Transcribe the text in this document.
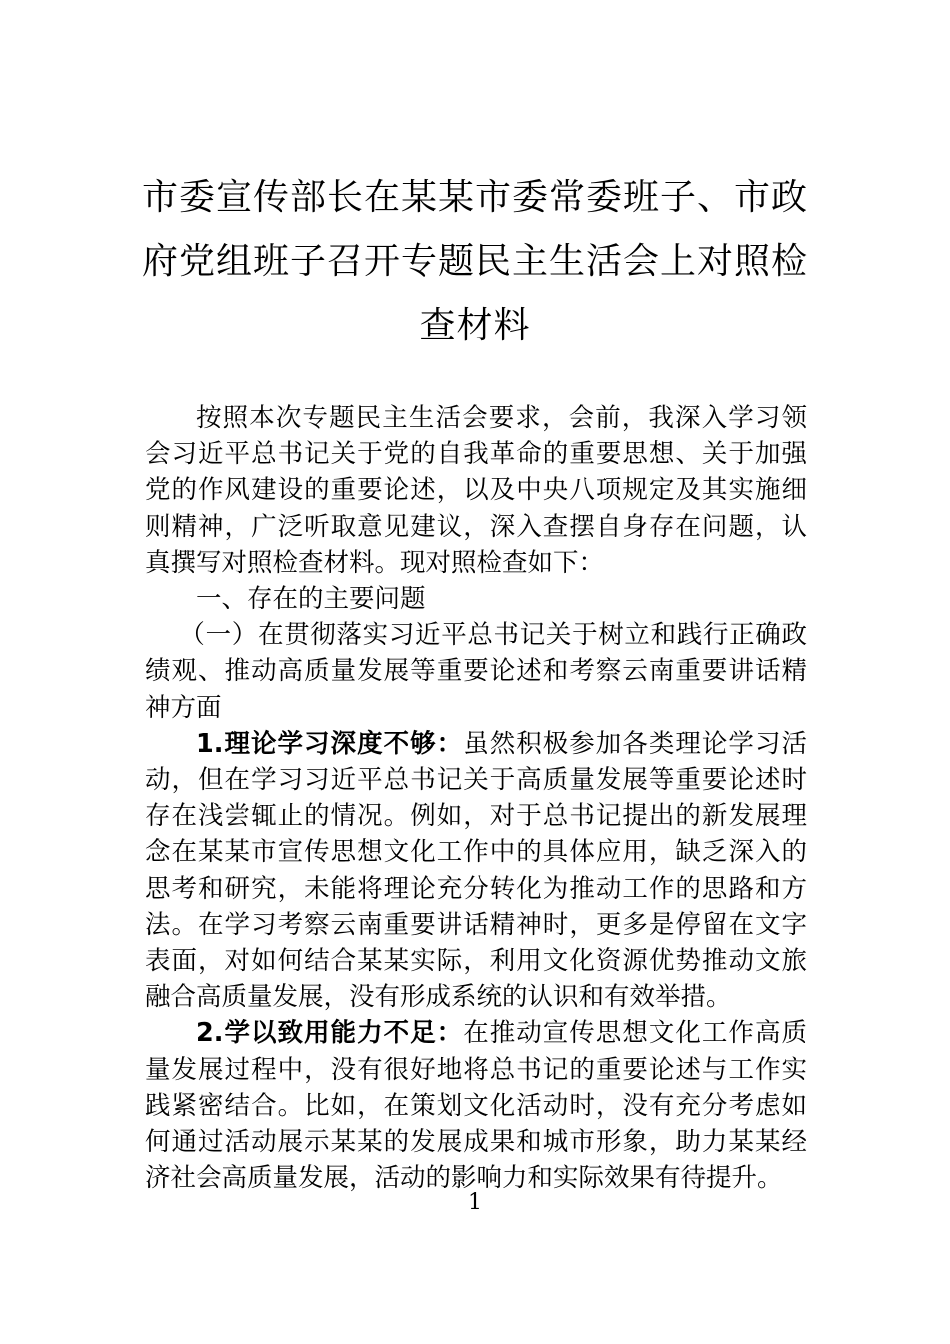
市委宣传部长在某某市委常委班子、市政
府党组班子召开专题民主生活会上对照检
查材料

按照本次专题民主生活会要求，会前，我深入学习领会习近平总书记关于党的自我革命的重要思想、关于加强党的作风建设的重要论述，以及中央八项规定及其实施细则精神，广泛听取意见建议，深入查摆自身存在问题，认真撰写对照检查材料。现对照检查如下：

一、存在的主要问题

（一）在贯彻落实习近平总书记关于树立和践行正确政绩观、推动高质量发展等重要论述和考察云南重要讲话精神方面

1.理论学习深度不够：虽然积极参加各类理论学习活动，但在学习习近平总书记关于高质量发展等重要论述时存在浅尝辄止的情况。例如，对于总书记提出的新发展理念在某某市宣传思想文化工作中的具体应用，缺乏深入的思考和研究，未能将理论充分转化为推动工作的思路和方法。在学习考察云南重要讲话精神时，更多是停留在文字表面，对如何结合某某实际，利用文化资源优势推动文旅融合高质量发展，没有形成系统的认识和有效举措。

2.学以致用能力不足：在推动宣传思想文化工作高质量发展过程中，没有很好地将总书记的重要论述与工作实践紧密结合。比如，在策划文化活动时，没有充分考虑如何通过活动展示某某的发展成果和城市形象，助力某某经济社会高质量发展，活动的影响力和实际效果有待提升。

1
